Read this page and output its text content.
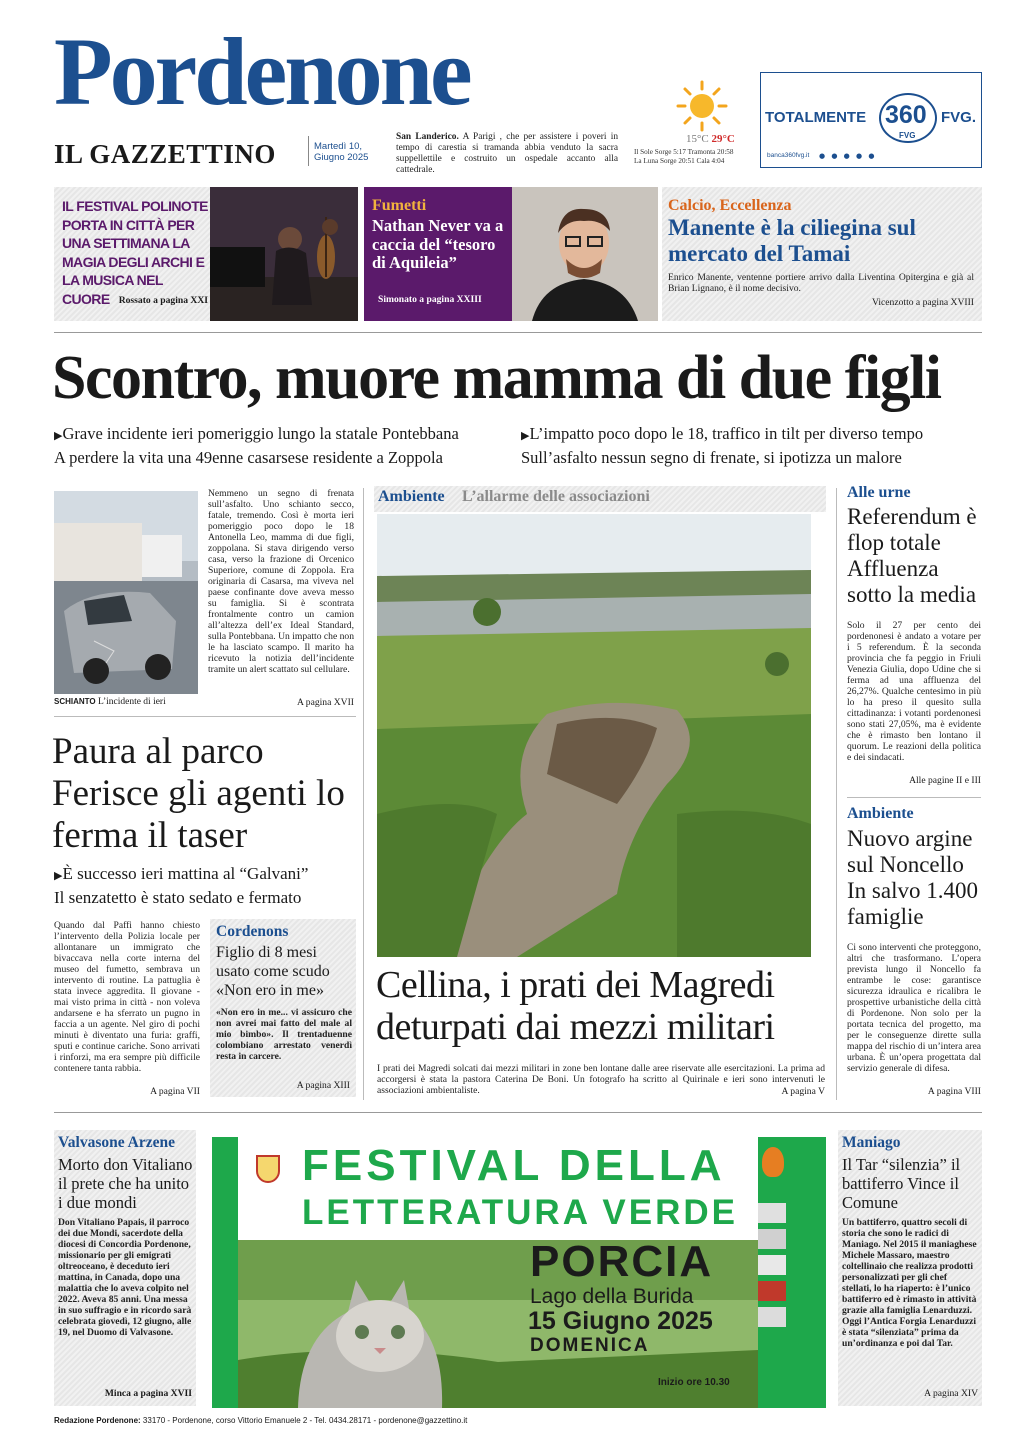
Pordenone
IL GAZZETTINO	Martedì 10,
Giugno 2025
San Landerico. A Parigi , che per assistere i poveri in tempo di carestia si tramanda abbia venduto la sacra suppellettile e costruito un ospedale accanto alla cattedrale.
15°C 29°C
Il Sole Sorge 5:17 Tramonta 20:58
La Luna Sorge 20:51 Cala 4:04
TOTALMENTE 360
FVG
FVG.
banca360fvg.it ● ● ● ● ●
IL FESTIVAL POLINOTE PORTA IN CITTÀ PER UNA SETTIMANA LA MAGIA DEGLI ARCHI E LA MUSICA NEL CUORE Rossato a pagina XXI
Fumetti
Nathan Never va a caccia del “tesoro di Aquileia”
Simonato a pagina XXIII
Calcio, Eccellenza
Manente è la ciliegina sul mercato del Tamai
Enrico Manente, ventenne portiere arrivo dalla Liventina Opitergina e già al Brian Lignano, è il nome decisivo.
Vicenzotto a pagina XVIII
Scontro, muore mamma di due figli
▶Grave incidente ieri pomeriggio lungo la statale Pontebbana
A perdere la vita una 49enne casarsese residente a Zoppola
▶L’impatto poco dopo le 18, traffico in tilt per diverso tempo
Sull’asfalto nessun segno di frenate, si ipotizza un malore
SCHIANTO L’incidente di ieri
Nemmeno un segno di frenata sull’asfalto. Uno schianto secco, fatale, tremendo. Così è morta ieri pomeriggio poco dopo le 18 Antonella Leo, mamma di due figli, zoppolana. Si stava dirigendo verso casa, verso la frazione di Orcenico Superiore, comune di Zoppola. Era originaria di Casarsa, ma viveva nel paese confinante dove aveva messo su famiglia. Si è scontrata frontalmente contro un camion all’altezza dell’ex Ideal Standard, sulla Pontebbana. Un impatto che non le ha lasciato scampo. Il marito ha ricevuto la notizia dell’incidente tramite un alert scattato sul cellulare.
A pagina XVII
Paura al parco Ferisce gli agenti lo ferma il taser
▶È successo ieri mattina al “Galvani”
Il senzatetto è stato sedato e fermato
Quando dal Paffi hanno chiesto l’intervento della Polizia locale per allontanare un immigrato che bivaccava nella corte interna del museo del fumetto, sembrava un intervento di routine. La pattuglia è stata invece aggredita. Il giovane - mai visto prima in città - non voleva andarsene e ha sferrato un pugno in faccia a un agente. Nel giro di pochi minuti è diventato una furia: graffi, sputi e continue cariche. Sono arrivati i rinforzi, ma era sempre più difficile contenere tanta rabbia.
A pagina VII
Cordenons
Figlio di 8 mesi usato come scudo «Non ero in me»
«Non ero in me... vi assicuro che non avrei mai fatto del male al mio bimbo». Il trentaduenne colombiano arrestato venerdì resta in carcere.
A pagina XIII
Ambiente L’allarme delle associazioni
Cellina, i prati dei Magredi deturpati dai mezzi militari
I prati dei Magredi solcati dai mezzi militari in zone ben lontane dalle aree riservate alle esercitazioni. La prima ad accorgersi è stata la pastora Caterina De Boni. Un fotografo ha scritto al Quirinale e ieri sono intervenuti le associazioni ambientaliste.	A pagina V
Alle urne
Referendum è flop totale Affluenza sotto la media
Solo il 27 per cento dei pordenonesi è andato a votare per i 5 referendum. È la seconda provincia che fa peggio in Friuli Venezia Giulia, dopo Udine che si ferma ad una affluenza del 26,27%. Qualche centesimo in più lo ha preso il quesito sulla cittadinanza: i votanti pordenonesi sono stati 27,05%, ma è evidente che è rimasto ben lontano il quorum. Le reazioni della politica e dei sindacati.
Alle pagine II e III
Ambiente
Nuovo argine sul Noncello In salvo 1.400 famiglie
Ci sono interventi che proteggono, altri che trasformano. L’opera prevista lungo il Noncello fa entrambe le cose: garantisce sicurezza idraulica e ricalibra le prospettive urbanistiche della città di Pordenone. Non solo per la portata tecnica del progetto, ma per le conseguenze dirette sulla mappa del rischio di un’intera area urbana. È un’opera progettata dal servizio generale di difesa.
A pagina VIII
Valvasone Arzene
Morto don Vitaliano il prete che ha unito i due mondi
Don Vitaliano Papais, il parroco dei due Mondi, sacerdote della diocesi di Concordia Pordenone, missionario per gli emigrati oltreoceano, è deceduto ieri mattina, in Canada, dopo una malattia che lo aveva colpito nel 2022. Aveva 85 anni. Una messa in suo suffragio e in ricordo sarà celebrata giovedì, 12 giugno, alle 19, nel Duomo di Valvasone.
Minca a pagina XVII
FESTIVAL DELLA
LETTERATURA VERDE
PORCIA
Lago della Burida
15 Giugno 2025
DOMENICA
Inizio ore 10.30
Maniago
Il Tar “silenzia” il battiferro Vince il Comune
Un battiferro, quattro secoli di storia che sono le radici di Maniago. Nel 2015 il maniaghese Michele Massaro, maestro coltellinaio che realizza prodotti personalizzati per gli chef stellati, lo ha riaperto: è l’unico battiferro ed è rimasto in attività grazie alla famiglia Lenarduzzi. Oggi l’Antica Forgia Lenarduzzi è stata “silenziata” prima da un’ordinanza e poi dal Tar.
A pagina XIV
Redazione Pordenone: 33170 - Pordenone, corso Vittorio Emanuele 2 - Tel. 0434.28171 - pordenone@gazzettino.it
